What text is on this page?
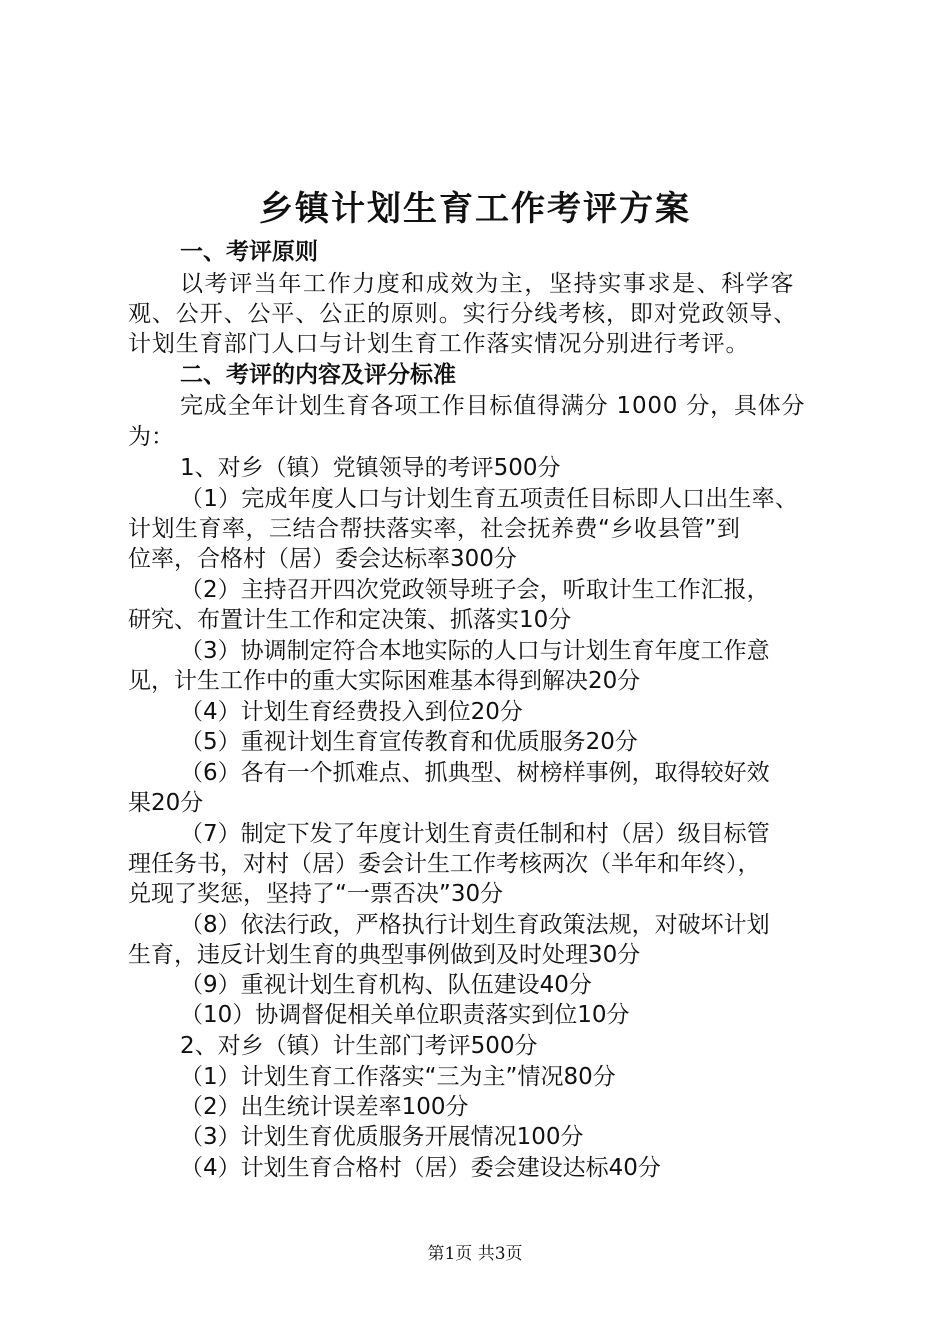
乡镇计划生育工作考评方案
一、考评原则
以考评当年工作力度和成效为主，坚持实事求是、科学客
观、公开、公平、公正的原则。实行分线考核，即对党政领导、
计划生育部门人口与计划生育工作落实情况分别进行考评。
二、考评的内容及评分标准
完成全年计划生育各项工作目标值得满分 1000 分，具体分
为：
1、对乡（镇）党镇领导的考评500分
（1）完成年度人口与计划生育五项责任目标即人口出生率、
计划生育率，三结合帮扶落实率，社会抚养费“乡收县管”到
位率，合格村（居）委会达标率300分
（2）主持召开四次党政领导班子会，听取计生工作汇报，
研究、布置计生工作和定决策、抓落实10分
（3）协调制定符合本地实际的人口与计划生育年度工作意
见，计生工作中的重大实际困难基本得到解决20分
（4）计划生育经费投入到位20分
（5）重视计划生育宣传教育和优质服务20分
（6）各有一个抓难点、抓典型、树榜样事例，取得较好效
果20分
（7）制定下发了年度计划生育责任制和村（居）级目标管
理任务书，对村（居）委会计生工作考核两次（半年和年终），
兑现了奖惩，坚持了“一票否决”30分
（8）依法行政，严格执行计划生育政策法规，对破坏计划
生育，违反计划生育的典型事例做到及时处理30分
（9）重视计划生育机构、队伍建设40分
（10）协调督促相关单位职责落实到位10分
2、对乡（镇）计生部门考评500分
（1）计划生育工作落实“三为主”情况80分
（2）出生统计误差率100分
（3）计划生育优质服务开展情况100分
（4）计划生育合格村（居）委会建设达标40分
第1页 共3页
